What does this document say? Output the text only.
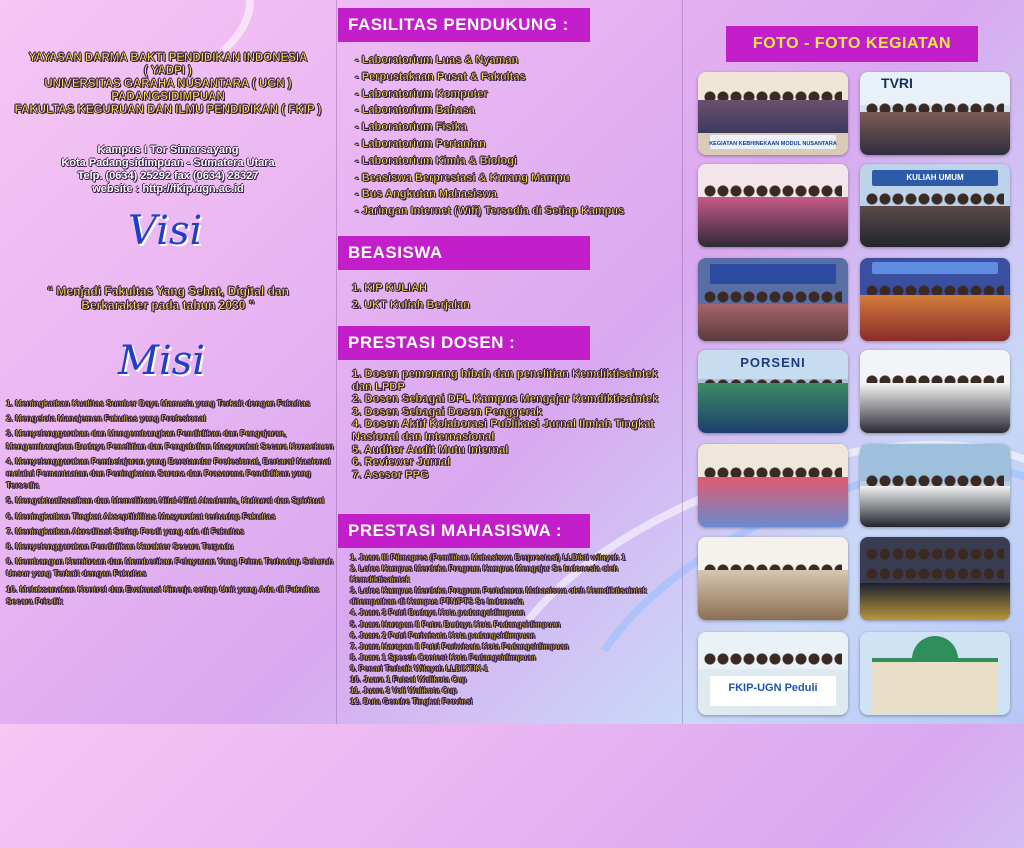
YAYASAN DARMA BAKTI PENDIDIKAN INDONESIA
( YADPI )
UNIVERSITAS GARAHA NUSANTARA ( UGN )
PADANGSIDIMPUAN
FAKULTAS KEGURUAN DAN ILMU PENDIDIKAN ( FKIP )
Kampus I Tor Simarsayang
Kota Padangsidimpuan - Sumatera Utara
Telp. (0634) 25292 fax (0634) 28327
website : http://fkip.ugn.ac.id
Visi
“ Menjadi Fakultas Yang Sehat, Digital dan
Berkarakter pada tahun 2030 ”
Misi
1. Meningkatkan Kualitas Sumber Daya Manusia yang Terkait dengan Fakultas
2. Mengelola Manajemen Fakultas yang Profesional
3. Menyelenggarakan dan Mengembangkan Pendidikan dan Pengajaran, Mengembangkan Budaya Penelitian dan Pengabdian Masyarakat Secara Konsekuen
4. Menyelenggarakan Pembelajaran yang Berstandar Profesional, Bertaraf Nasional melalui Pemantaatan dan Peningkatan Sarana dan Prasarana Pendidikan yang Tersedia
5. Mengaktualisasikan dan Memelihara Nilai-Nilai Akademis, Kultural dan Spiritual
6. Meningkatkan Tingkat Akseptibilitas Masyarakat terhadap Fakultas
7. Meningkatkan Akreditasi Setiap Prodi yang ada di Fakultas
8. Menyelenggarakan Pendidikan Karakter Secara Terpadu
9. Membangun Kemitraan dan Memberikan Pelayanan Yang Prima Terhadap Seluruh Unsur yang Terkait dengan Fakultas
10. Melaksanakan Kontrol dan Evakuasi Kinerja setiap Unit yang Ada di Fakultas Secara Priodik
FASILITAS PENDUKUNG :
- Laboratorium Luas & Nyaman
- Perpustakaan Pusat & Fakultas
- Laboratorium Komputer
- Laboratorium Bahasa
- Laboratorium Fisika
- Laboratorium Pertanian
- Laboratorium Kimia & Biologi
- Beasiswa Berprestasi & Kurang Mampu
- Bus Angkutan Mahasiswa
- Jaringan Internet (Wifi) Tersedia di Setiap Kampus
BEASISWA
1. KIP KULIAH
2. UKT Kuliah Berjalan
PRESTASI DOSEN :
1. Dosen pemenang hibah dan penelitian Kemdiktisaintek dan LPDP
2. Dosen Sebagai DPL Kampus Mengajar Kemdiktisaintek
3. Dosen Sebagai Dosen Penggerak
4. Dosen Aktif Kolaborasi Publikasi Jurnal Ilmiah Tingkat Nasional dan Internasional
5. Auditor Audit Mutu Internal
6. Reviewer Jurnal
7. Asesor PPG
PRESTASI MAHASISWA :
1. Juara III Pilmapres (Pemilihan Mahasiswa Berprestasi) LLDikti wilayah 1
2. Lolos Kampus Merdeka Program Kampus Mengajar Se Indonesia oleh Kemdiktisaintek
3. Lolos Kampus Merdeka Program Pertukaran Mahasiswa oleh Kemdiktisaintek ditempatkan di Kampus PTN/PTS Se Indonesia
4. Juara 3 Putri Budaya Kota padangsidimpuan
5. Juara Harapan II Putra Budaya Kota Padangsidimpuan
6. Juara 2 Putri Pariwisata Kota padangsidimpuan
7. Juara Harapan II Putri Pariwisata Kota Padangsidimpuan
8. Juara 1 Speech Contest Kota Padangsidimpuan
9. Penari Terbaik Wilayah LLDIKTIK-1
10. Juara 1 Futsal Walikota Cup
11. Juara 3 Voli Walikota Cup
12. Duta Gendre Tingkat Provinsi
FOTO - FOTO KEGIATAN
KEGIATAN KEBHINEKAAN MODUL NUSANTARA
TVRI
KULIAH UMUM
PORSENI
FKIP-UGN Peduli
